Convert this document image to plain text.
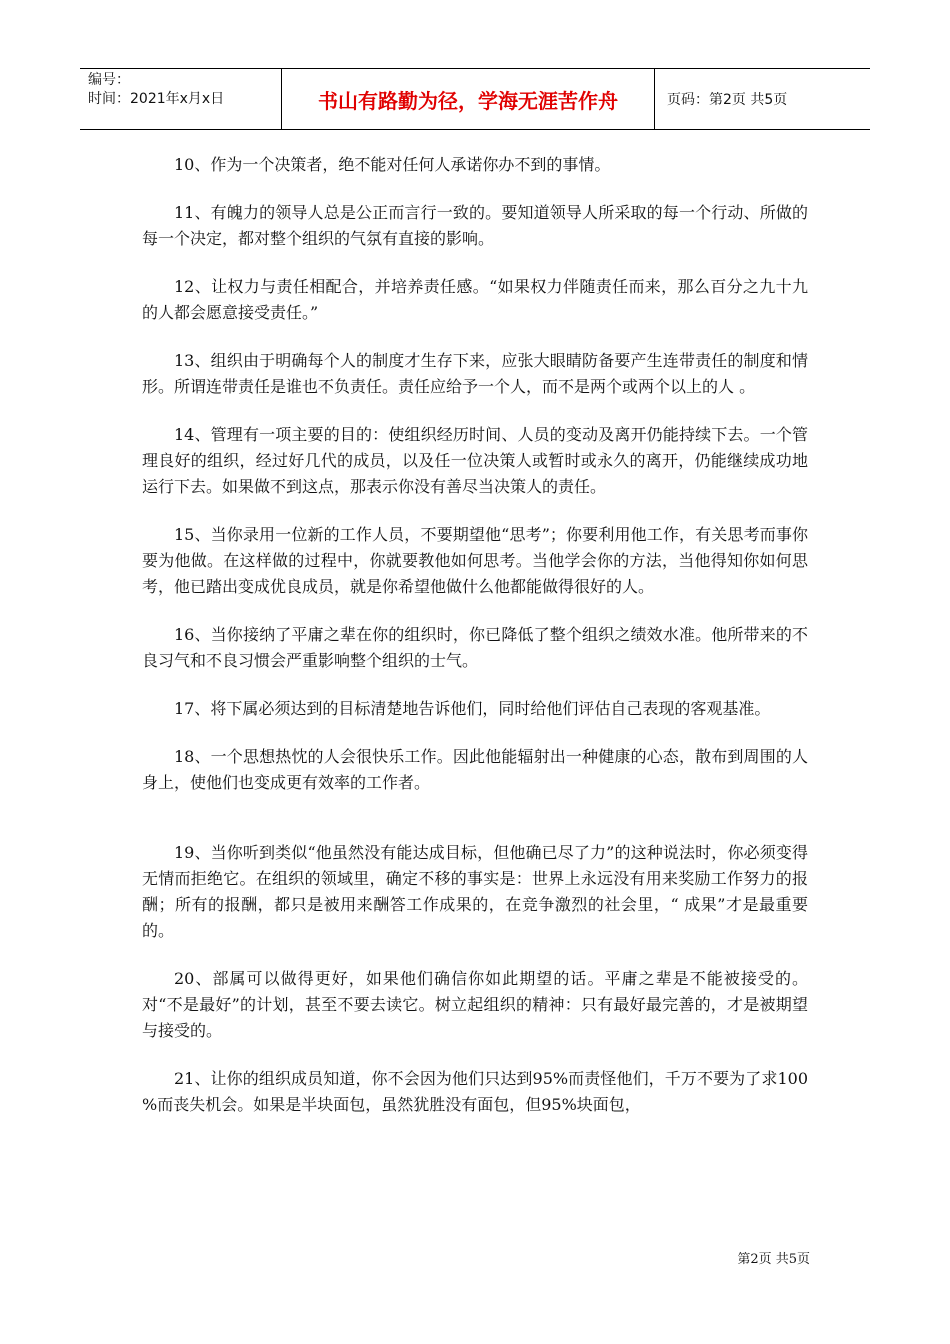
编号：
时间：2021年x月x日	书山有路勤为径，学海无涯苦作舟	页码：第2页 共5页

10、作为一个决策者，绝不能对任何人承诺你办不到的事情。

11、有魄力的领导人总是公正而言行一致的。要知道领导人所采取的每一个行动、所做的每一个决定，都对整个组织的气氛有直接的影响。

12、让权力与责任相配合，并培养责任感。“如果权力伴随责任而来，那么百分之九十九的人都会愿意接受责任。”

13、组织由于明确每个人的制度才生存下来，应张大眼睛防备要产生连带责任的制度和情形。所谓连带责任是谁也不负责任。责任应给予一个人，而不是两个或两个以上的人 。

14、管理有一项主要的目的：使组织经历时间、人员的变动及离开仍能持续下去。一个管理良好的组织，经过好几代的成员，以及任一位决策人或暂时或永久的离开，仍能继续成功地运行下去。如果做不到这点，那表示你没有善尽当决策人的责任。

15、当你录用一位新的工作人员，不要期望他“思考”；你要利用他工作，有关思考而事你要为他做。在这样做的过程中，你就要教他如何思考。当他学会你的方法，当他得知你如何思考，他已踏出变成优良成员，就是你希望他做什么他都能做得很好的人。

16、当你接纳了平庸之辈在你的组织时，你已降低了整个组织之绩效水准。他所带来的不良习气和不良习惯会严重影响整个组织的士气。

17、将下属必须达到的目标清楚地告诉他们，同时给他们评估自己表现的客观基准。

18、一个思想热忱的人会很快乐工作。因此他能辐射出一种健康的心态，散布到周围的人身上，使他们也变成更有效率的工作者。

19、当你听到类似“他虽然没有能达成目标，但他确已尽了力”的这种说法时，你必须变得无情而拒绝它。在组织的领域里，确定不移的事实是：世界上永远没有用来奖励工作努力的报酬；所有的报酬，都只是被用来酬答工作成果的，在竞争激烈的社会里，“ 成果”才是最重要的。

20、部属可以做得更好，如果他们确信你如此期望的话。平庸之辈是不能被接受的。对“不是最好”的计划，甚至不要去读它。树立起组织的精神：只有最好最完善的，才是被期望与接受的。

21、让你的组织成员知道，你不会因为他们只达到95%而责怪他们，千万不要为了求100 %而丧失机会。如果是半块面包，虽然犹胜没有面包，但95%块面包，

第2页 共5页
